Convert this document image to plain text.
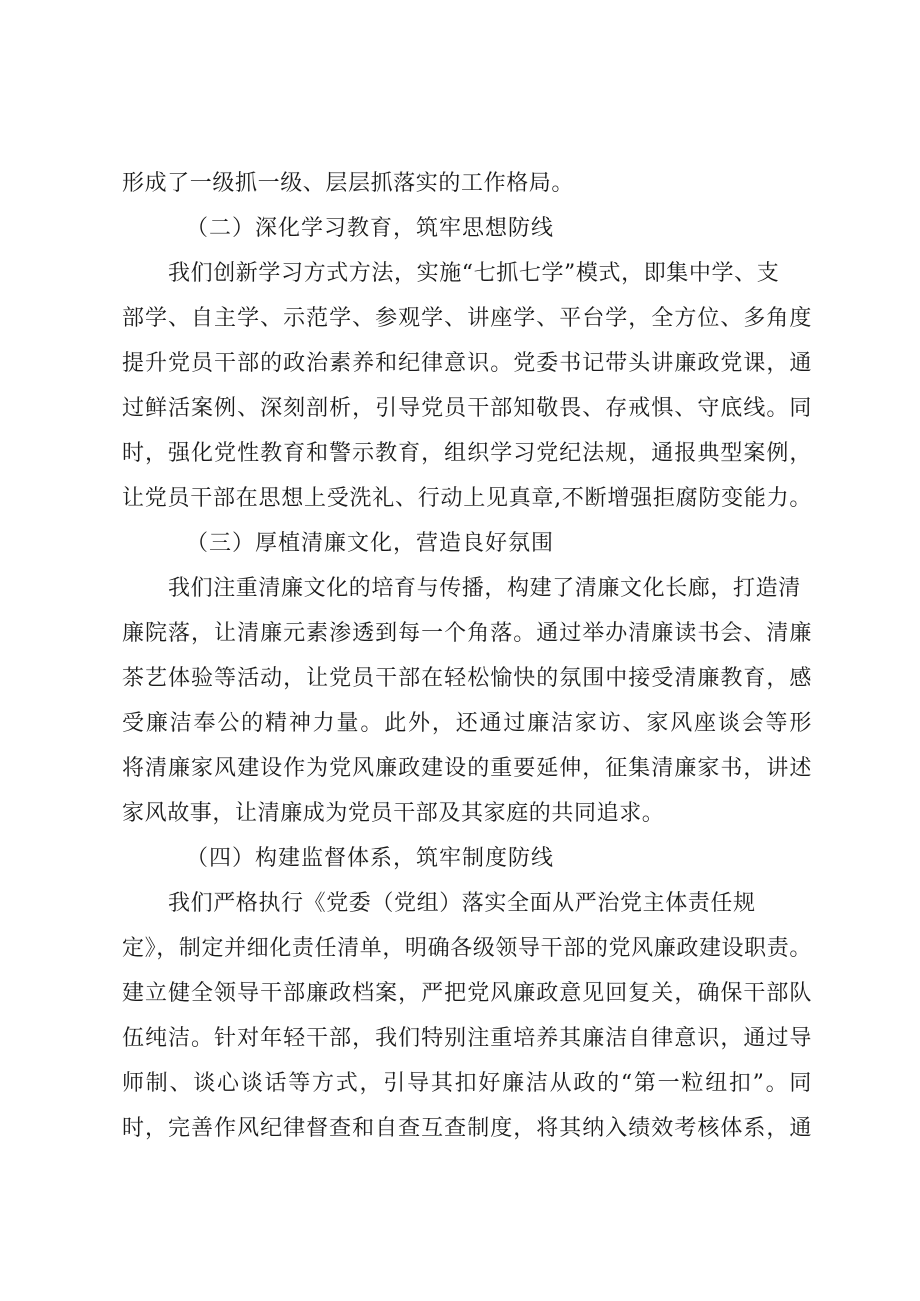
形成了一级抓一级、层层抓落实的工作格局。
（二）深化学习教育，筑牢思想防线
我们创新学习方式方法，实施“七抓七学”模式，即集中学、支
部学、自主学、示范学、参观学、讲座学、平台学，全方位、多角度
提升党员干部的政治素养和纪律意识。党委书记带头讲廉政党课，通
过鲜活案例、深刻剖析，引导党员干部知敬畏、存戒惧、守底线。同
时，强化党性教育和警示教育，组织学习党纪法规，通报典型案例，
让党员干部在思想上受洗礼、行动上见真章,不断增强拒腐防变能力。
（三）厚植清廉文化，营造良好氛围
我们注重清廉文化的培育与传播，构建了清廉文化长廊，打造清
廉院落，让清廉元素渗透到每一个角落。通过举办清廉读书会、清廉
茶艺体验等活动，让党员干部在轻松愉快的氛围中接受清廉教育，感
受廉洁奉公的精神力量。此外，还通过廉洁家访、家风座谈会等形
将清廉家风建设作为党风廉政建设的重要延伸，征集清廉家书，讲述
家风故事，让清廉成为党员干部及其家庭的共同追求。
（四）构建监督体系，筑牢制度防线
我们严格执行《党委（党组）落实全面从严治党主体责任规
定》，制定并细化责任清单，明确各级领导干部的党风廉政建设职责。
建立健全领导干部廉政档案，严把党风廉政意见回复关，确保干部队
伍纯洁。针对年轻干部，我们特别注重培养其廉洁自律意识，通过导
师制、谈心谈话等方式，引导其扣好廉洁从政的“第一粒纽扣”。同
时，完善作风纪律督查和自查互查制度，将其纳入绩效考核体系，通
